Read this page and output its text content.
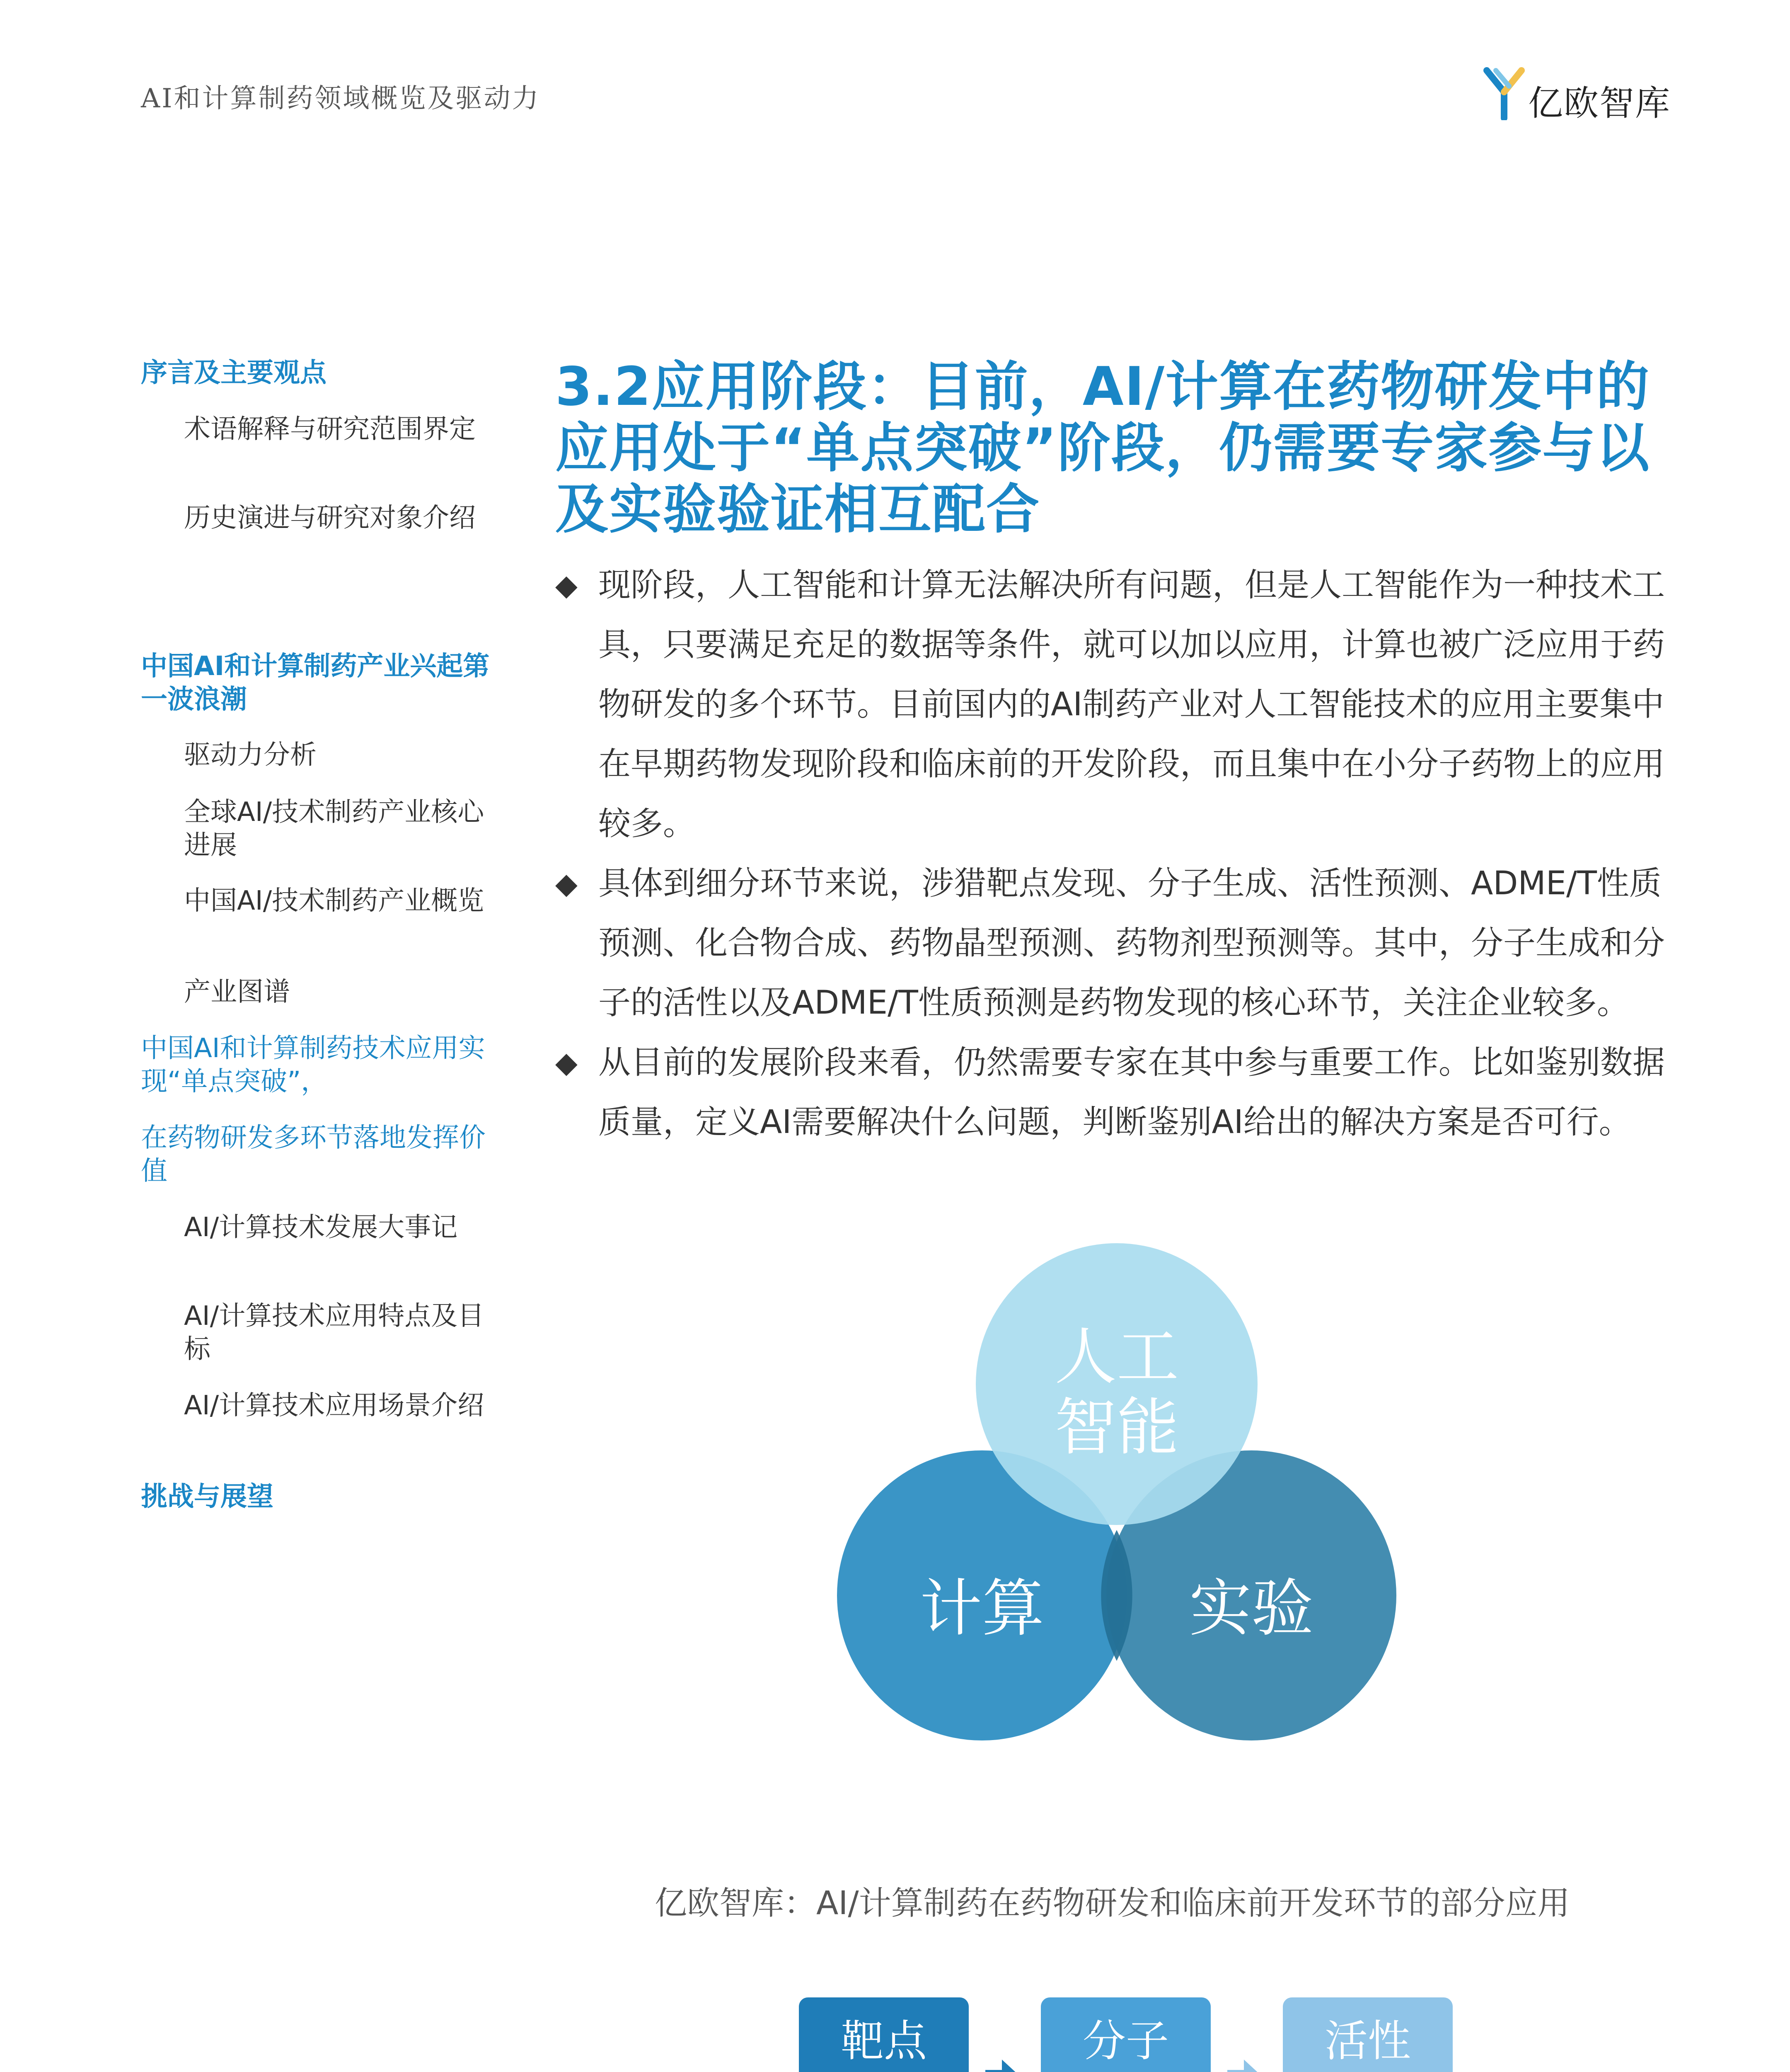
AI和计算制药领域概览及驱动力	亿欧智库
序言及主要观点
术语解释与研究范围界定
历史演进与研究对象介绍
中国AI和计算制药产业兴起第一波浪潮
驱动力分析
全球AI/技术制药产业核心进展
中国AI/技术制药产业概览
产业图谱
中国AI和计算制药技术应用实现“单点突破”，
在药物研发多环节落地发挥价值
AI/计算技术发展大事记
AI/计算技术应用特点及目标
AI/计算技术应用场景介绍
挑战与展望
3.2应用阶段：目前，AI/计算在药物研发中的应用处于“单点突破”阶段，仍需要专家参与以及实验验证相互配合

◆ 现阶段，人工智能和计算无法解决所有问题，但是人工智能作为一种技术工具，只要满足充足的数据等条件，就可以加以应用，计算也被广泛应用于药物研发的多个环节。目前国内的AI制药产业对人工智能技术的应用主要集中在早期药物发现阶段和临床前的开发阶段，而且集中在小分子药物上的应用较多。

◆ 具体到细分环节来说，涉猎靶点发现、分子生成、活性预测、ADME/T性质预测、化合物合成、药物晶型预测、药物剂型预测等。其中，分子生成和分子的活性以及ADME/T性质预测是药物发现的核心环节，关注企业较多。

◆ 从目前的发展阶段来看，仍然需要专家在其中参与重要工作。比如鉴别数据质量，定义AI需要解决什么问题，判断鉴别AI给出的解决方案是否可行。

人工
智能
计算	实验
亿欧智库：AI/计算制药在药物研发和临床前开发环节的部分应用
靶点	分子	活性
